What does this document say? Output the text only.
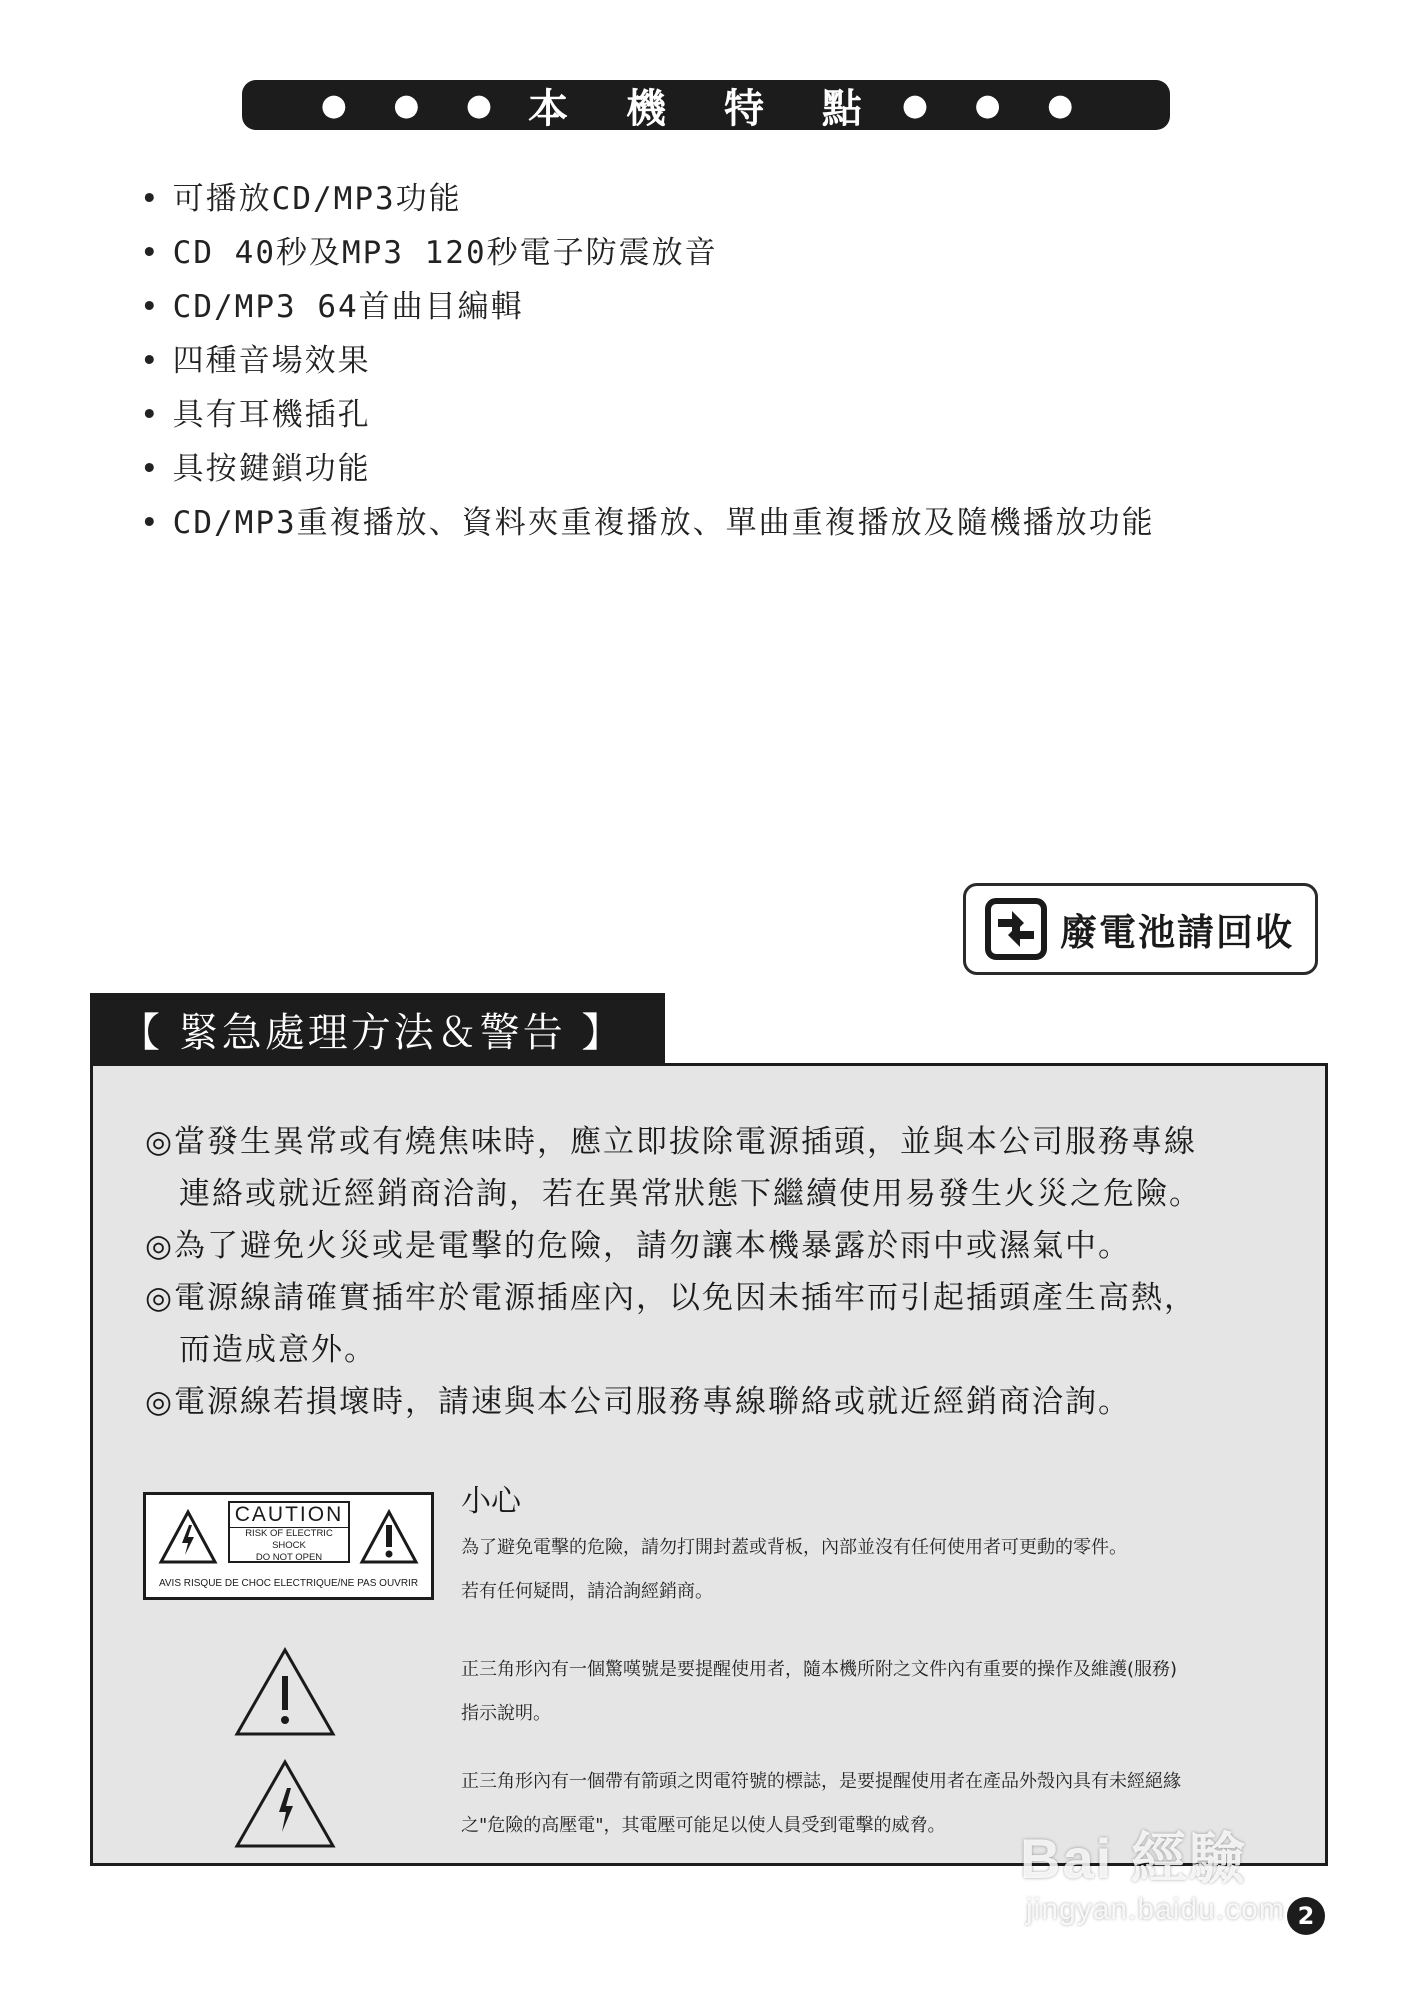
● ● ● 本 機 特 點 ● ● ●
• 可播放CD/MP3功能
• CD 40秒及MP3 120秒電子防震放音
• CD/MP3 64首曲目編輯
• 四種音場效果
• 具有耳機插孔
• 具按鍵鎖功能
• CD/MP3重複播放、資料夾重複播放、單曲重複播放及隨機播放功能
廢電池請回收
【 緊急處理方法＆警告 】
◎當發生異常或有燒焦味時，應立即拔除電源插頭，並與本公司服務專線
連絡或就近經銷商洽詢，若在異常狀態下繼續使用易發生火災之危險。
◎為了避免火災或是電擊的危險，請勿讓本機暴露於雨中或濕氣中。
◎電源線請確實插牢於電源插座內，以免因未插牢而引起插頭產生高熱，
而造成意外。
◎電源線若損壞時，請速與本公司服務專線聯絡或就近經銷商洽詢。
CAUTION
RISK OF ELECTRIC SHOCK
DO NOT OPEN
AVIS RISQUE DE CHOC ELECTRIQUE/NE PAS OUVRIR
小心
為了避免電擊的危險，請勿打開封蓋或背板，內部並沒有任何使用者可更動的零件。
若有任何疑問，請洽詢經銷商。
正三角形內有一個驚嘆號是要提醒使用者，隨本機所附之文件內有重要的操作及維護(服務)
指示說明。
正三角形內有一個帶有箭頭之閃電符號的標誌，是要提醒使用者在產品外殼內具有未經絕緣
之"危險的高壓電"，其電壓可能足以使人員受到電擊的威脅。
Bai 經驗
jingyan.baidu.com 2
